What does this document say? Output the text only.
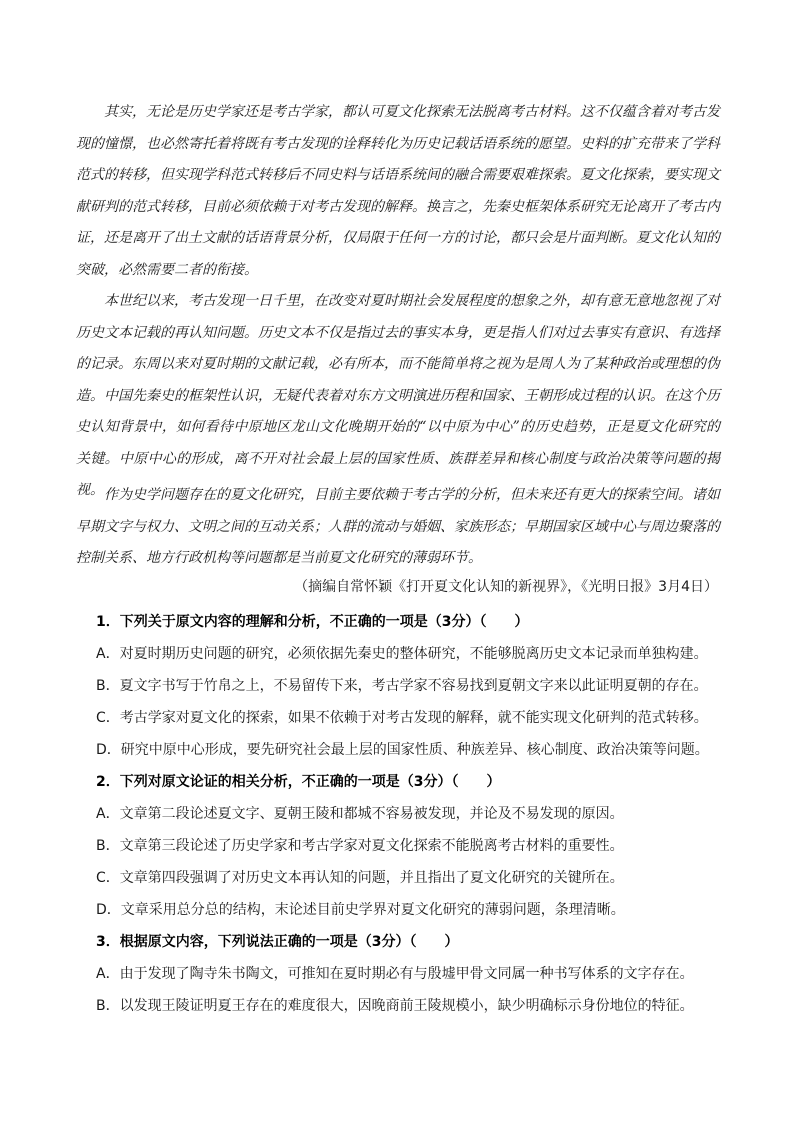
其实，无论是历史学家还是考古学家，都认可夏文化探索无法脱离考古材料。这不仅蕴含着对考古发现的憧憬，也必然寄托着将既有考古发现的诠释转化为历史记载话语系统的愿望。史料的扩充带来了学科范式的转移，但实现学科范式转移后不同史料与话语系统间的融合需要艰难探索。夏文化探索，要实现文献研判的范式转移，目前必须依赖于对考古发现的解释。换言之，先秦史框架体系研究无论离开了考古内证，还是离开了出土文献的话语背景分析，仅局限于任何一方的讨论，都只会是片面判断。夏文化认知的突破，必然需要二者的衔接。

本世纪以来，考古发现一日千里，在改变对夏时期社会发展程度的想象之外，却有意无意地忽视了对历史文本记载的再认知问题。历史文本不仅是指过去的事实本身，更是指人们对过去事实有意识、有选择的记录。东周以来对夏时期的文献记载，必有所本，而不能简单将之视为是周人为了某种政治或理想的伪造。中国先秦史的框架性认识，无疑代表着对东方文明演进历程和国家、王朝形成过程的认识。在这个历史认知背景中，如何看待中原地区龙山文化晚期开始的“以中原为中心”的历史趋势，正是夏文化研究的关键。中原中心的形成，离不开对社会最上层的国家性质、族群差异和核心制度与政治决策等问题的揭视。 作为史学问题存在的夏文化研究，目前主要依赖于考古学的分析，但未来还有更大的探索空间。诸如早期文字与权力、文明之间的互动关系；人群的流动与婚姻、家族形态；早期国家区域中心与周边聚落的控制关系、地方行政机构等问题都是当前夏文化研究的薄弱环节。

（摘编自常怀颖《打开夏文化认知的新视界》，《光明日报》3月4日）
1．下列关于原文内容的理解和分析，不正确的一项是（3分）（　　）
A．对夏时期历史问题的研究，必须依据先秦史的整体研究，不能够脱离历史文本记录而单独构建。
B．夏文字书写于竹帛之上，不易留传下来，考古学家不容易找到夏朝文字来以此证明夏朝的存在。
C．考古学家对夏文化的探索，如果不依赖于对考古发现的解释，就不能实现文化研判的范式转移。
D．研究中原中心形成，要先研究社会最上层的国家性质、种族差异、核心制度、政治决策等问题。
2．下列对原文论证的相关分析，不正确的一项是（3分）（　　）
A．文章第二段论述夏文字、夏朝王陵和都城不容易被发现，并论及不易发现的原因。
B．文章第三段论述了历史学家和考古学家对夏文化探索不能脱离考古材料的重要性。
C．文章第四段强调了对历史文本再认知的问题，并且指出了夏文化研究的关键所在。
D．文章采用总分总的结构，末论述目前史学界对夏文化研究的薄弱问题，条理清晰。
3．根据原文内容，下列说法正确的一项是（3分）（　　）
A．由于发现了陶寺朱书陶文，可推知在夏时期必有与殷墟甲骨文同属一种书写体系的文字存在。
B．以发现王陵证明夏王存在的难度很大，因晚商前王陵规模小，缺少明确标示身份地位的特征。
